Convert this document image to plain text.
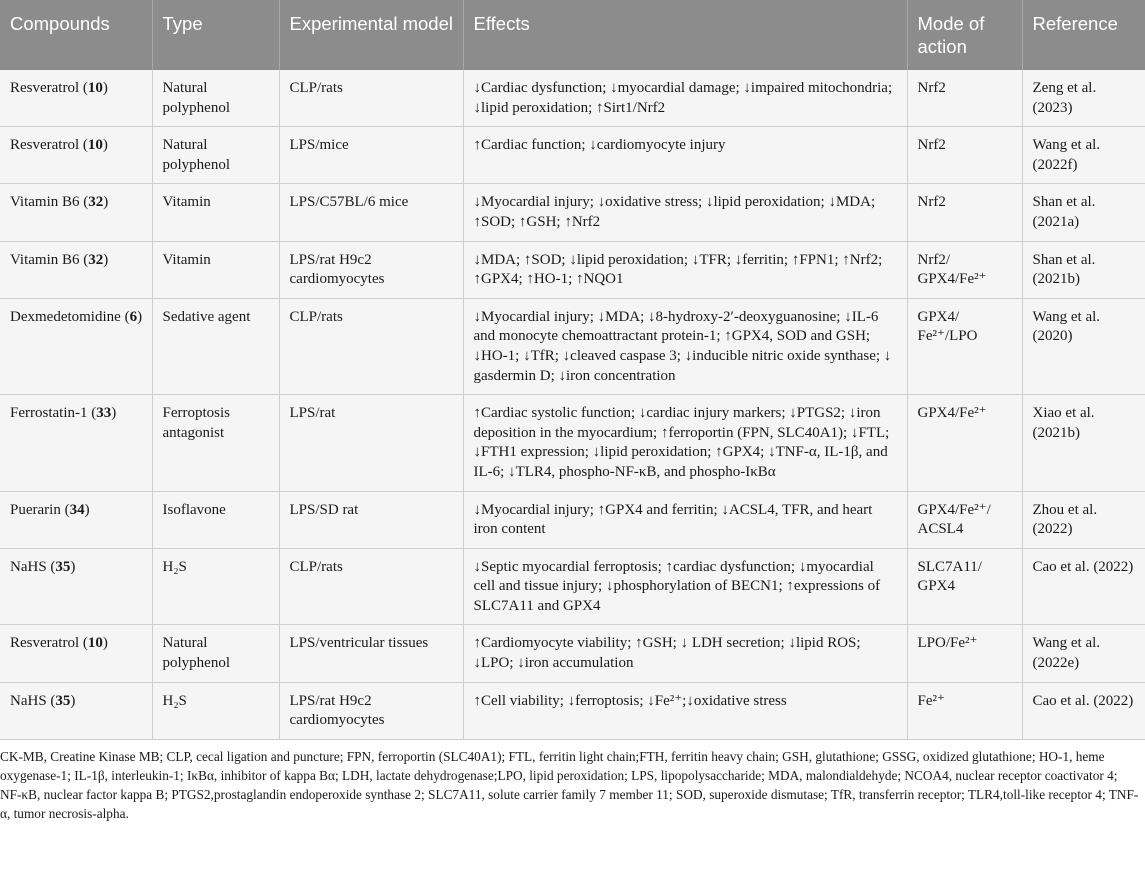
Compounds	Type	Experimental model	Effects	Mode of action	Reference
Resveratrol (10)	Natural polyphenol	CLP/rats	↓Cardiac dysfunction; ↓myocardial damage; ↓impaired mitochondria; ↓lipid peroxidation; ↑Sirt1/Nrf2	Nrf2	Zeng et al. (2023)
Resveratrol (10)	Natural polyphenol	LPS/mice	↑Cardiac function; ↓cardiomyocyte injury	Nrf2	Wang et al. (2022f)
Vitamin B6 (32)	Vitamin	LPS/C57BL/6 mice	↓Myocardial injury; ↓oxidative stress; ↓lipid peroxidation; ↓MDA; ↑SOD; ↑GSH; ↑Nrf2	Nrf2	Shan et al. (2021a)
Vitamin B6 (32)	Vitamin	LPS/rat H9c2 cardiomyocytes	↓MDA; ↑SOD; ↓lipid peroxidation; ↓TFR; ↓ferritin; ↑FPN1; ↑Nrf2; ↑GPX4; ↑HO-1; ↑NQO1	Nrf2/ GPX4/Fe²⁺	Shan et al. (2021b)
Dexmedetomidine (6)	Sedative agent	CLP/rats	↓Myocardial injury; ↓MDA; ↓8-hydroxy-2′-deoxyguanosine; ↓IL-6 and monocyte chemoattractant protein-1; ↑GPX4, SOD and GSH; ↓HO-1; ↓TfR; ↓cleaved caspase 3; ↓inducible nitric oxide synthase; ↓ gasdermin D; ↓iron concentration	GPX4/ Fe²⁺/LPO	Wang et al. (2020)
Ferrostatin-1 (33)	Ferroptosis antagonist	LPS/rat	↑Cardiac systolic function; ↓cardiac injury markers; ↓PTGS2; ↓iron deposition in the myocardium; ↑ferroportin (FPN, SLC40A1); ↓FTL; ↓FTH1 expression; ↓lipid peroxidation; ↑GPX4; ↓TNF-α, IL-1β, and IL-6; ↓TLR4, phospho-NF-κB, and phospho-IκBα	GPX4/Fe²⁺	Xiao et al. (2021b)
Puerarin (34)	Isoflavone	LPS/SD rat	↓Myocardial injury; ↑GPX4 and ferritin; ↓ACSL4, TFR, and heart iron content	GPX4/Fe²⁺/ ACSL4	Zhou et al. (2022)
NaHS (35)	H₂S	CLP/rats	↓Septic myocardial ferroptosis; ↑cardiac dysfunction; ↓myocardial cell and tissue injury; ↓phosphorylation of BECN1; ↑expressions of SLC7A11 and GPX4	SLC7A11/ GPX4	Cao et al. (2022)
Resveratrol (10)	Natural polyphenol	LPS/ventricular tissues	↑Cardiomyocyte viability; ↑GSH; ↓ LDH secretion; ↓lipid ROS; ↓LPO; ↓iron accumulation	LPO/Fe²⁺	Wang et al. (2022e)
NaHS (35)	H₂S	LPS/rat H9c2 cardiomyocytes	↑Cell viability; ↓ferroptosis; ↓Fe²⁺;↓oxidative stress	Fe²⁺	Cao et al. (2022)
CK-MB, Creatine Kinase MB; CLP, cecal ligation and puncture; FPN, ferroportin (SLC40A1); FTL, ferritin light chain;FTH, ferritin heavy chain; GSH, glutathione; GSSG, oxidized glutathione; HO-1, heme oxygenase-1; IL-1β, interleukin-1; IκBα, inhibitor of kappa Bα; LDH, lactate dehydrogenase;LPO, lipid peroxidation; LPS, lipopolysaccharide; MDA, malondialdehyde; NCOA4, nuclear receptor coactivator 4; NF-κB, nuclear factor kappa B; PTGS2,prostaglandin endoperoxide synthase 2; SLC7A11, solute carrier family 7 member 11; SOD, superoxide dismutase; TfR, transferrin receptor; TLR4,toll-like receptor 4; TNF-α, tumor necrosis-alpha.
